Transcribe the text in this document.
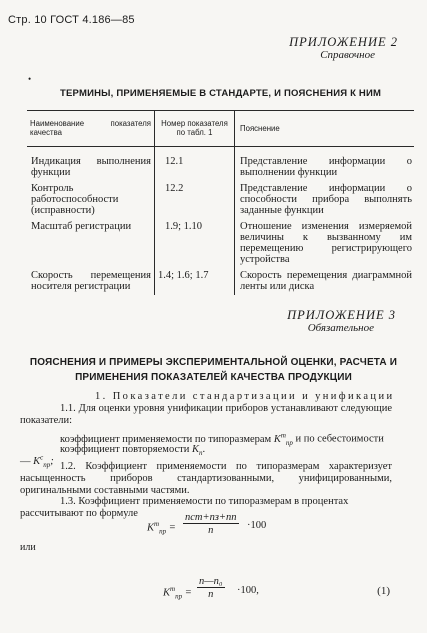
Стр. 10 ГОСТ 4.186—85
ПРИЛОЖЕНИЕ 2
Справочное
•
ТЕРМИНЫ, ПРИМЕНЯЕМЫЕ В СТАНДАРТЕ, И ПОЯСНЕНИЯ К НИМ
Наименование показателя качества	Номер показателя по табл. 1	Пояснение
Индикация выполнения функции	12.1	Представление информации о выполнении функции
Контроль работоспособности (исправности)	12.2	Представление информации о способности прибора выполнять заданные функции
Масштаб регистрации	1.9; 1.10	Отношение изменения измеряемой величины к вызванному им перемещению регистрирующего устройства
Скорость перемещения носителя регистрации	1.4; 1.6; 1.7	Скорость перемещения диаграммной ленты или диска
ПРИЛОЖЕНИЕ 3
Обязательное
ПОЯСНЕНИЯ И ПРИМЕРЫ ЭКСПЕРИМЕНТАЛЬНОЙ ОЦЕНКИ, РАСЧЕТА И ПРИМЕНЕНИЯ ПОКАЗАТЕЛЕЙ КАЧЕСТВА ПРОДУКЦИИ
1. Показатели стандартизации и унификации
1.1. Для оценки уровня унификации приборов устанавливают следующие показатели:
коэффициент применяемости по типоразмерам $K^т_{пр}$ и по себестоимости — $K^с_{пр}$;
коэффициент повторяемости $K_п$.
1.2. Коэффициент применяемости по типоразмерам характеризует насыщенность приборов стандартизованными, унифицированными, оригинальными составными частями.
1.3. Коэффициент применяемости по типоразмерам в процентах рассчитывают по формуле
$K^т_{пр}$ =
nст+nз+nп
n	·100
или
$K^т_{пр} = \frac{\text{n—n₀}}{n} \cdot 100$,	(1)
